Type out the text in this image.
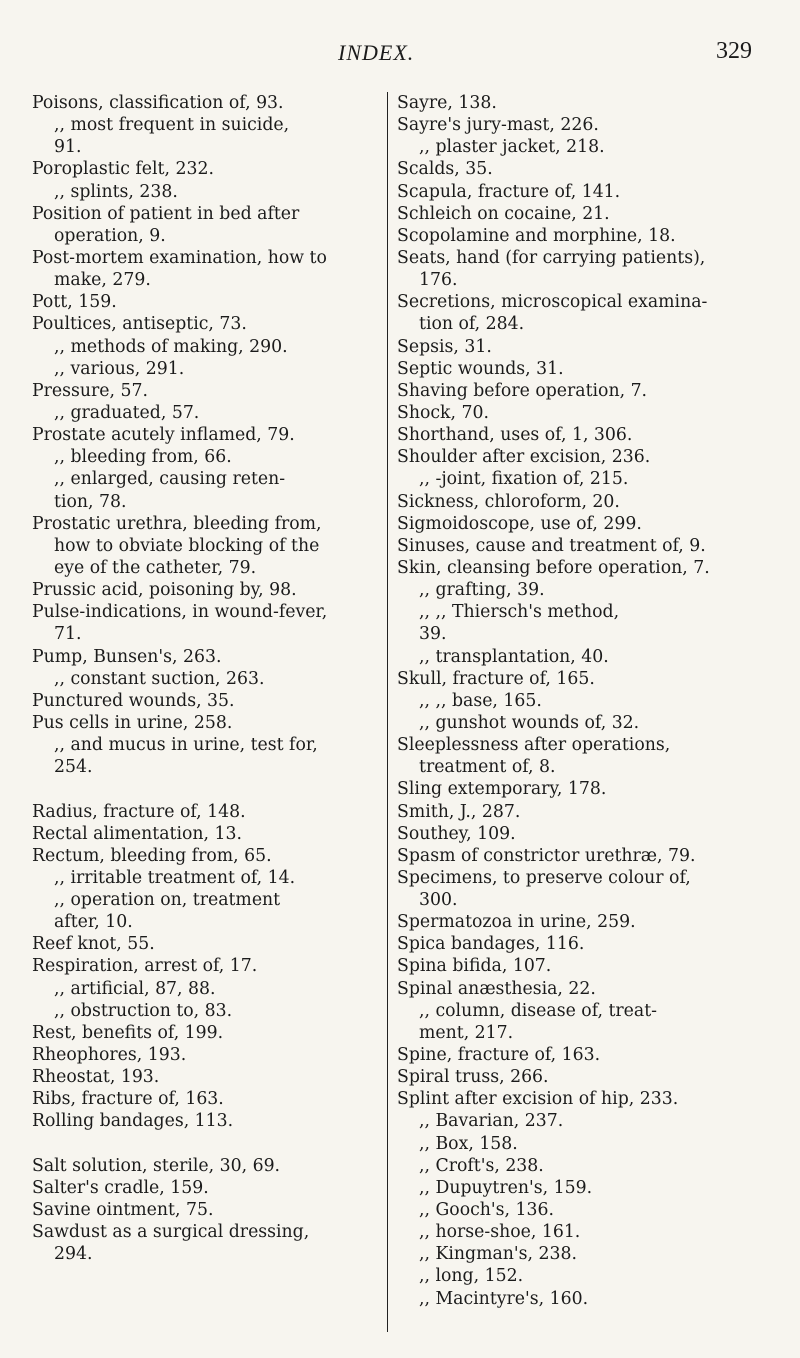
INDEX.	329
Poisons, classification of, 93.
,, most frequent in suicide,
91.
Poroplastic felt, 232.
,, splints, 238.
Position of patient in bed after
operation, 9.
Post-mortem examination, how to
make, 279.
Pott, 159.
Poultices, antiseptic, 73.
,, methods of making, 290.
,, various, 291.
Pressure, 57.
,, graduated, 57.
Prostate acutely inflamed, 79.
,, bleeding from, 66.
,, enlarged, causing reten-
tion, 78.
Prostatic urethra, bleeding from,
how to obviate blocking of the
eye of the catheter, 79.
Prussic acid, poisoning by, 98.
Pulse-indications, in wound-fever,
71.
Pump, Bunsen's, 263.
,, constant suction, 263.
Punctured wounds, 35.
Pus cells in urine, 258.
,, and mucus in urine, test for,
254.
Radius, fracture of, 148.
Rectal alimentation, 13.
Rectum, bleeding from, 65.
,, irritable treatment of, 14.
,, operation on, treatment
after, 10.
Reef knot, 55.
Respiration, arrest of, 17.
,, artificial, 87, 88.
,, obstruction to, 83.
Rest, benefits of, 199.
Rheophores, 193.
Rheostat, 193.
Ribs, fracture of, 163.
Rolling bandages, 113.
Salt solution, sterile, 30, 69.
Salter's cradle, 159.
Savine ointment, 75.
Sawdust as a surgical dressing,
294.
Sayre, 138.
Sayre's jury-mast, 226.
,, plaster jacket, 218.
Scalds, 35.
Scapula, fracture of, 141.
Schleich on cocaine, 21.
Scopolamine and morphine, 18.
Seats, hand (for carrying patients),
176.
Secretions, microscopical examina-
tion of, 284.
Sepsis, 31.
Septic wounds, 31.
Shaving before operation, 7.
Shock, 70.
Shorthand, uses of, 1, 306.
Shoulder after excision, 236.
,, -joint, fixation of, 215.
Sickness, chloroform, 20.
Sigmoidoscope, use of, 299.
Sinuses, cause and treatment of, 9.
Skin, cleansing before operation, 7.
,, grafting, 39.
,, ,, Thiersch's method,
39.
,, transplantation, 40.
Skull, fracture of, 165.
,, ,, base, 165.
,, gunshot wounds of, 32.
Sleeplessness after operations,
treatment of, 8.
Sling extemporary, 178.
Smith, J., 287.
Southey, 109.
Spasm of constrictor urethræ, 79.
Specimens, to preserve colour of,
300.
Spermatozoa in urine, 259.
Spica bandages, 116.
Spina bifida, 107.
Spinal anæsthesia, 22.
,, column, disease of, treat-
ment, 217.
Spine, fracture of, 163.
Spiral truss, 266.
Splint after excision of hip, 233.
,, Bavarian, 237.
,, Box, 158.
,, Croft's, 238.
,, Dupuytren's, 159.
,, Gooch's, 136.
,, horse-shoe, 161.
,, Kingman's, 238.
,, long, 152.
,, Macintyre's, 160.
